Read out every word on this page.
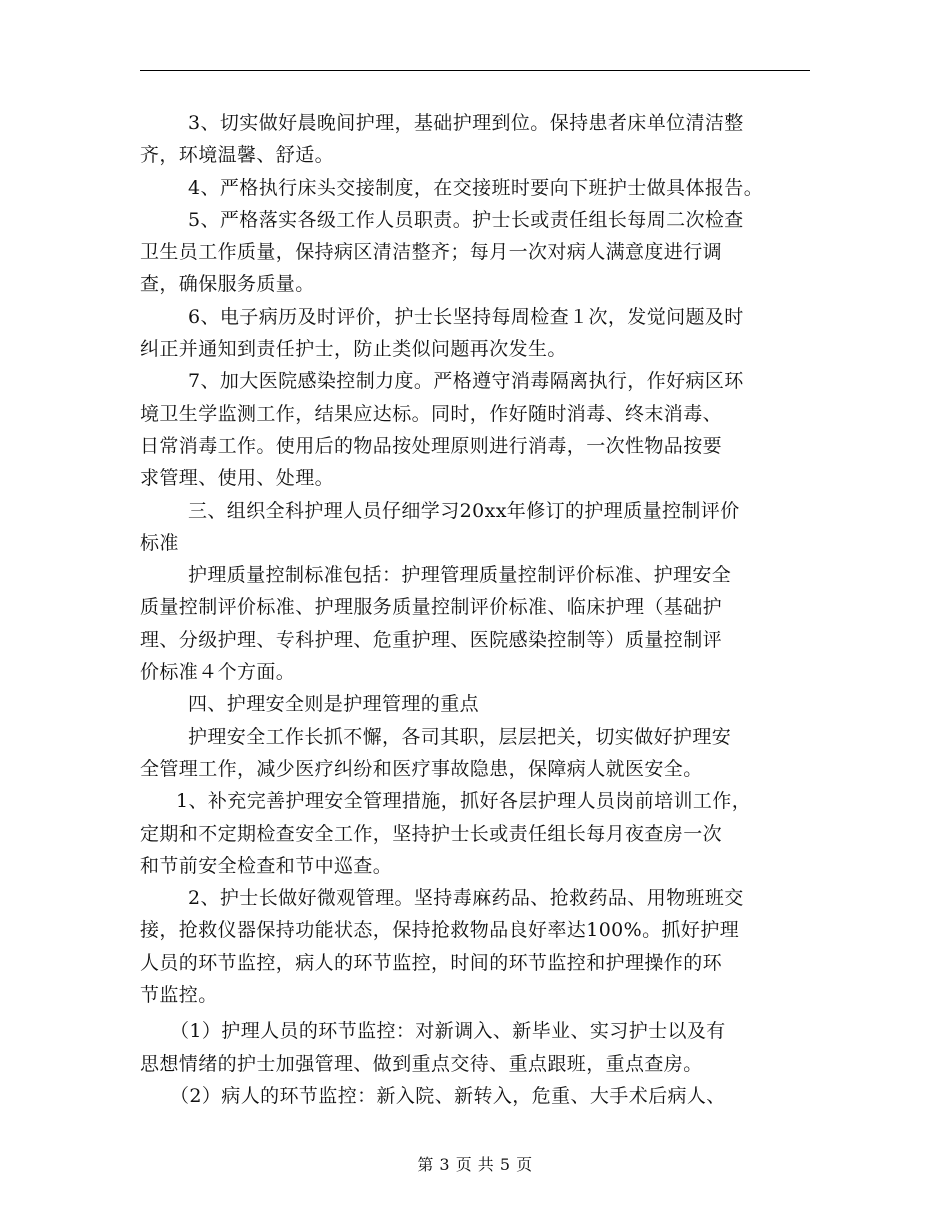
3、切实做好晨晚间护理，基础护理到位。保持患者床单位清洁整
齐，环境温馨、舒适。
4、严格执行床头交接制度，在交接班时要向下班护士做具体报告。
5、严格落实各级工作人员职责。护士长或责任组长每周二次检查
卫生员工作质量，保持病区清洁整齐；每月一次对病人满意度进行调
查，确保服务质量。
6、电子病历及时评价，护士长坚持每周检查１次，发觉问题及时
纠正并通知到责任护士，防止类似问题再次发生。
7、加大医院感染控制力度。严格遵守消毒隔离执行，作好病区环
境卫生学监测工作，结果应达标。同时，作好随时消毒、终末消毒、
日常消毒工作。使用后的物品按处理原则进行消毒，一次性物品按要
求管理、使用、处理。
三、组织全科护理人员仔细学习20xx年修订的护理质量控制评价
标准
护理质量控制标准包括：护理管理质量控制评价标准、护理安全
质量控制评价标准、护理服务质量控制评价标准、临床护理（基础护
理、分级护理、专科护理、危重护理、医院感染控制等）质量控制评
价标准４个方面。
四、护理安全则是护理管理的重点
护理安全工作长抓不懈，各司其职，层层把关，切实做好护理安
全管理工作，减少医疗纠纷和医疗事故隐患，保障病人就医安全。
1、补充完善护理安全管理措施，抓好各层护理人员岗前培训工作，
定期和不定期检查安全工作，坚持护士长或责任组长每月夜查房一次
和节前安全检查和节中巡查。
2、护士长做好微观管理。坚持毒麻药品、抢救药品、用物班班交
接，抢救仪器保持功能状态，保持抢救物品良好率达100%。抓好护理
人员的环节监控，病人的环节监控，时间的环节监控和护理操作的环
节监控。
（1）护理人员的环节监控：对新调入、新毕业、实习护士以及有
思想情绪的护士加强管理、做到重点交待、重点跟班，重点查房。
（2）病人的环节监控：新入院、新转入，危重、大手术后病人、
第 3 页 共 5 页
